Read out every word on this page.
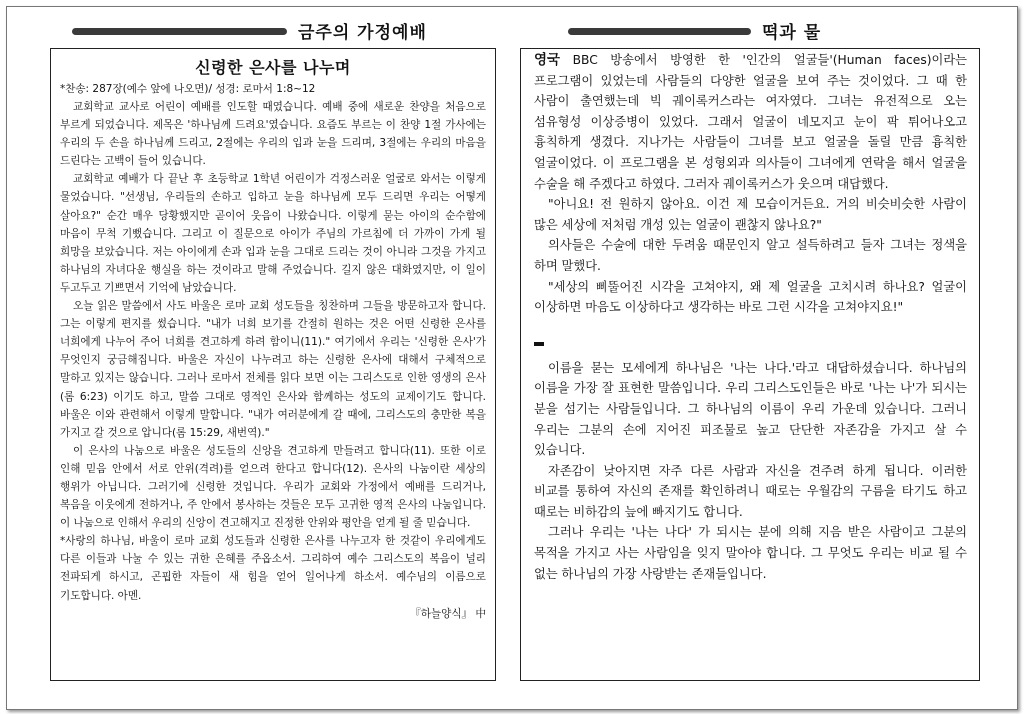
금주의 가정예배	떡과 물
신령한 은사를 나누며
*찬송: 287장(예수 앞에 나오면)/ 성경: 로마서 1:8~12

교회학교 교사로 어린이 예배를 인도할 때였습니다. 예배 중에 새로운 찬양을 처음으로 부르게 되었습니다. 제목은 '하나님께 드려요'였습니다. 요즘도 부르는 이 찬양 1절 가사에는 우리의 두 손을 하나님께 드리고, 2절에는 우리의 입과 눈을 드리며, 3절에는 우리의 마음을 드린다는 고백이 들어 있습니다.

교회학교 예배가 다 끝난 후 초등학교 1학년 어린이가 걱정스러운 얼굴로 와서는 이렇게 물었습니다. "선생님, 우리들의 손하고 입하고 눈을 하나님께 모두 드리면 우리는 어떻게 살아요?" 순간 매우 당황했지만 곧이어 웃음이 나왔습니다. 이렇게 묻는 아이의 순수함에 마음이 무척 기뻤습니다. 그리고 이 질문으로 아이가 주님의 가르침에 더 가까이 가게 될 희망을 보았습니다. 저는 아이에게 손과 입과 눈을 그대로 드리는 것이 아니라 그것을 가지고 하나님의 자녀다운 행실을 하는 것이라고 말해 주었습니다. 길지 않은 대화였지만, 이 일이 두고두고 기쁘면서 기억에 남았습니다.

오늘 읽은 말씀에서 사도 바울은 로마 교회 성도들을 칭찬하며 그들을 방문하고자 합니다. 그는 이렇게 편지를 썼습니다. "내가 너희 보기를 간절히 원하는 것은 어떤 신령한 은사를 너희에게 나누어 주어 너희를 견고하게 하려 함이니(11)." 여기에서 우리는 '신령한 은사'가 무엇인지 궁금해집니다. 바울은 자신이 나누려고 하는 신령한 은사에 대해서 구체적으로 말하고 있지는 않습니다. 그러나 로마서 전체를 읽다 보면 이는 그리스도로 인한 영생의 은사(롬 6:23) 이기도 하고, 말씀 그대로 영적인 은사와 함께하는 성도의 교제이기도 합니다. 바울은 이와 관련해서 이렇게 말합니다. "내가 여러분에게 갈 때에, 그리스도의 충만한 복을 가지고 갈 것으로 압니다(롬 15:29, 새번역)."

이 은사의 나눔으로 바울은 성도들의 신앙을 견고하게 만들려고 합니다(11). 또한 이로 인해 믿음 안에서 서로 안위(격려)를 얻으려 한다고 합니다(12). 은사의 나눔이란 세상의 행위가 아닙니다. 그러기에 신령한 것입니다. 우리가 교회와 가정에서 예배를 드리거나, 복음을 이웃에게 전하거나, 주 안에서 봉사하는 것들은 모두 고귀한 영적 은사의 나눔입니다. 이 나눔으로 인해서 우리의 신앙이 견고해지고 진정한 안위와 평안을 얻게 될 줄 믿습니다.

*사랑의 하나님, 바울이 로마 교회 성도들과 신령한 은사를 나누고자 한 것같이 우리에게도 다른 이들과 나눌 수 있는 귀한 은혜를 주옵소서. 그리하여 예수 그리스도의 복음이 널리 전파되게 하시고, 곤핍한 자들이 새 힘을 얻어 일어나게 하소서. 예수님의 이름으로 기도합니다. 아멘.

『하늘양식』 中

영국 BBC 방송에서 방영한 한 '인간의 얼굴들'(Human faces)이라는 프로그램이 있었는데 사람들의 다양한 얼굴을 보여 주는 것이었다. 그 때 한 사람이 출연했는데 빅 궤이록커스라는 여자였다. 그녀는 유전적으로 오는 섬유형성 이상증병이 있었다. 그래서 얼굴이 네모지고 눈이 팍 튀어나오고 흉칙하게 생겼다. 지나가는 사람들이 그녀를 보고 얼굴을 돌릴 만큼 흉칙한 얼굴이었다. 이 프로그램을 본 성형외과 의사들이 그녀에게 연락을 해서 얼굴을 수술을 해 주겠다고 하였다. 그러자 궤이록커스가 웃으며 대답했다.

"아니요! 전 원하지 않아요. 이건 제 모습이거든요. 거의 비슷비슷한 사람이 많은 세상에 저처럼 개성 있는 얼굴이 괜찮지 않나요?"

의사들은 수술에 대한 두려움 때문인지 알고 설득하려고 들자 그녀는 정색을 하며 말했다.

"세상의 삐뚤어진 시각을 고쳐야지, 왜 제 얼굴을 고치시려 하나요? 얼굴이 이상하면 마음도 이상하다고 생각하는 바로 그런 시각을 고쳐야지요!"

이름을 묻는 모세에게 하나님은 '나는 나다.'라고 대답하셨습니다. 하나님의 이름을 가장 잘 표현한 말씀입니다. 우리 그리스도인들은 바로 '나는 나'가 되시는 분을 섬기는 사람들입니다. 그 하나님의 이름이 우리 가운데 있습니다. 그러니 우리는 그분의 손에 지어진 피조물로 높고 단단한 자존감을 가지고 살 수 있습니다.

자존감이 낮아지면 자주 다른 사람과 자신을 견주려 하게 됩니다. 이러한 비교를 통하여 자신의 존재를 확인하려니 때로는 우월감의 구름을 타기도 하고 때로는 비하감의 늪에 빠지기도 합니다.

그러나 우리는 '나는 나다' 가 되시는 분에 의해 지음 받은 사람이고 그분의 목적을 가지고 사는 사람임을 잊지 말아야 합니다. 그 무엇도 우리는 비교 될 수 없는 하나님의 가장 사랑받는 존재들입니다.
